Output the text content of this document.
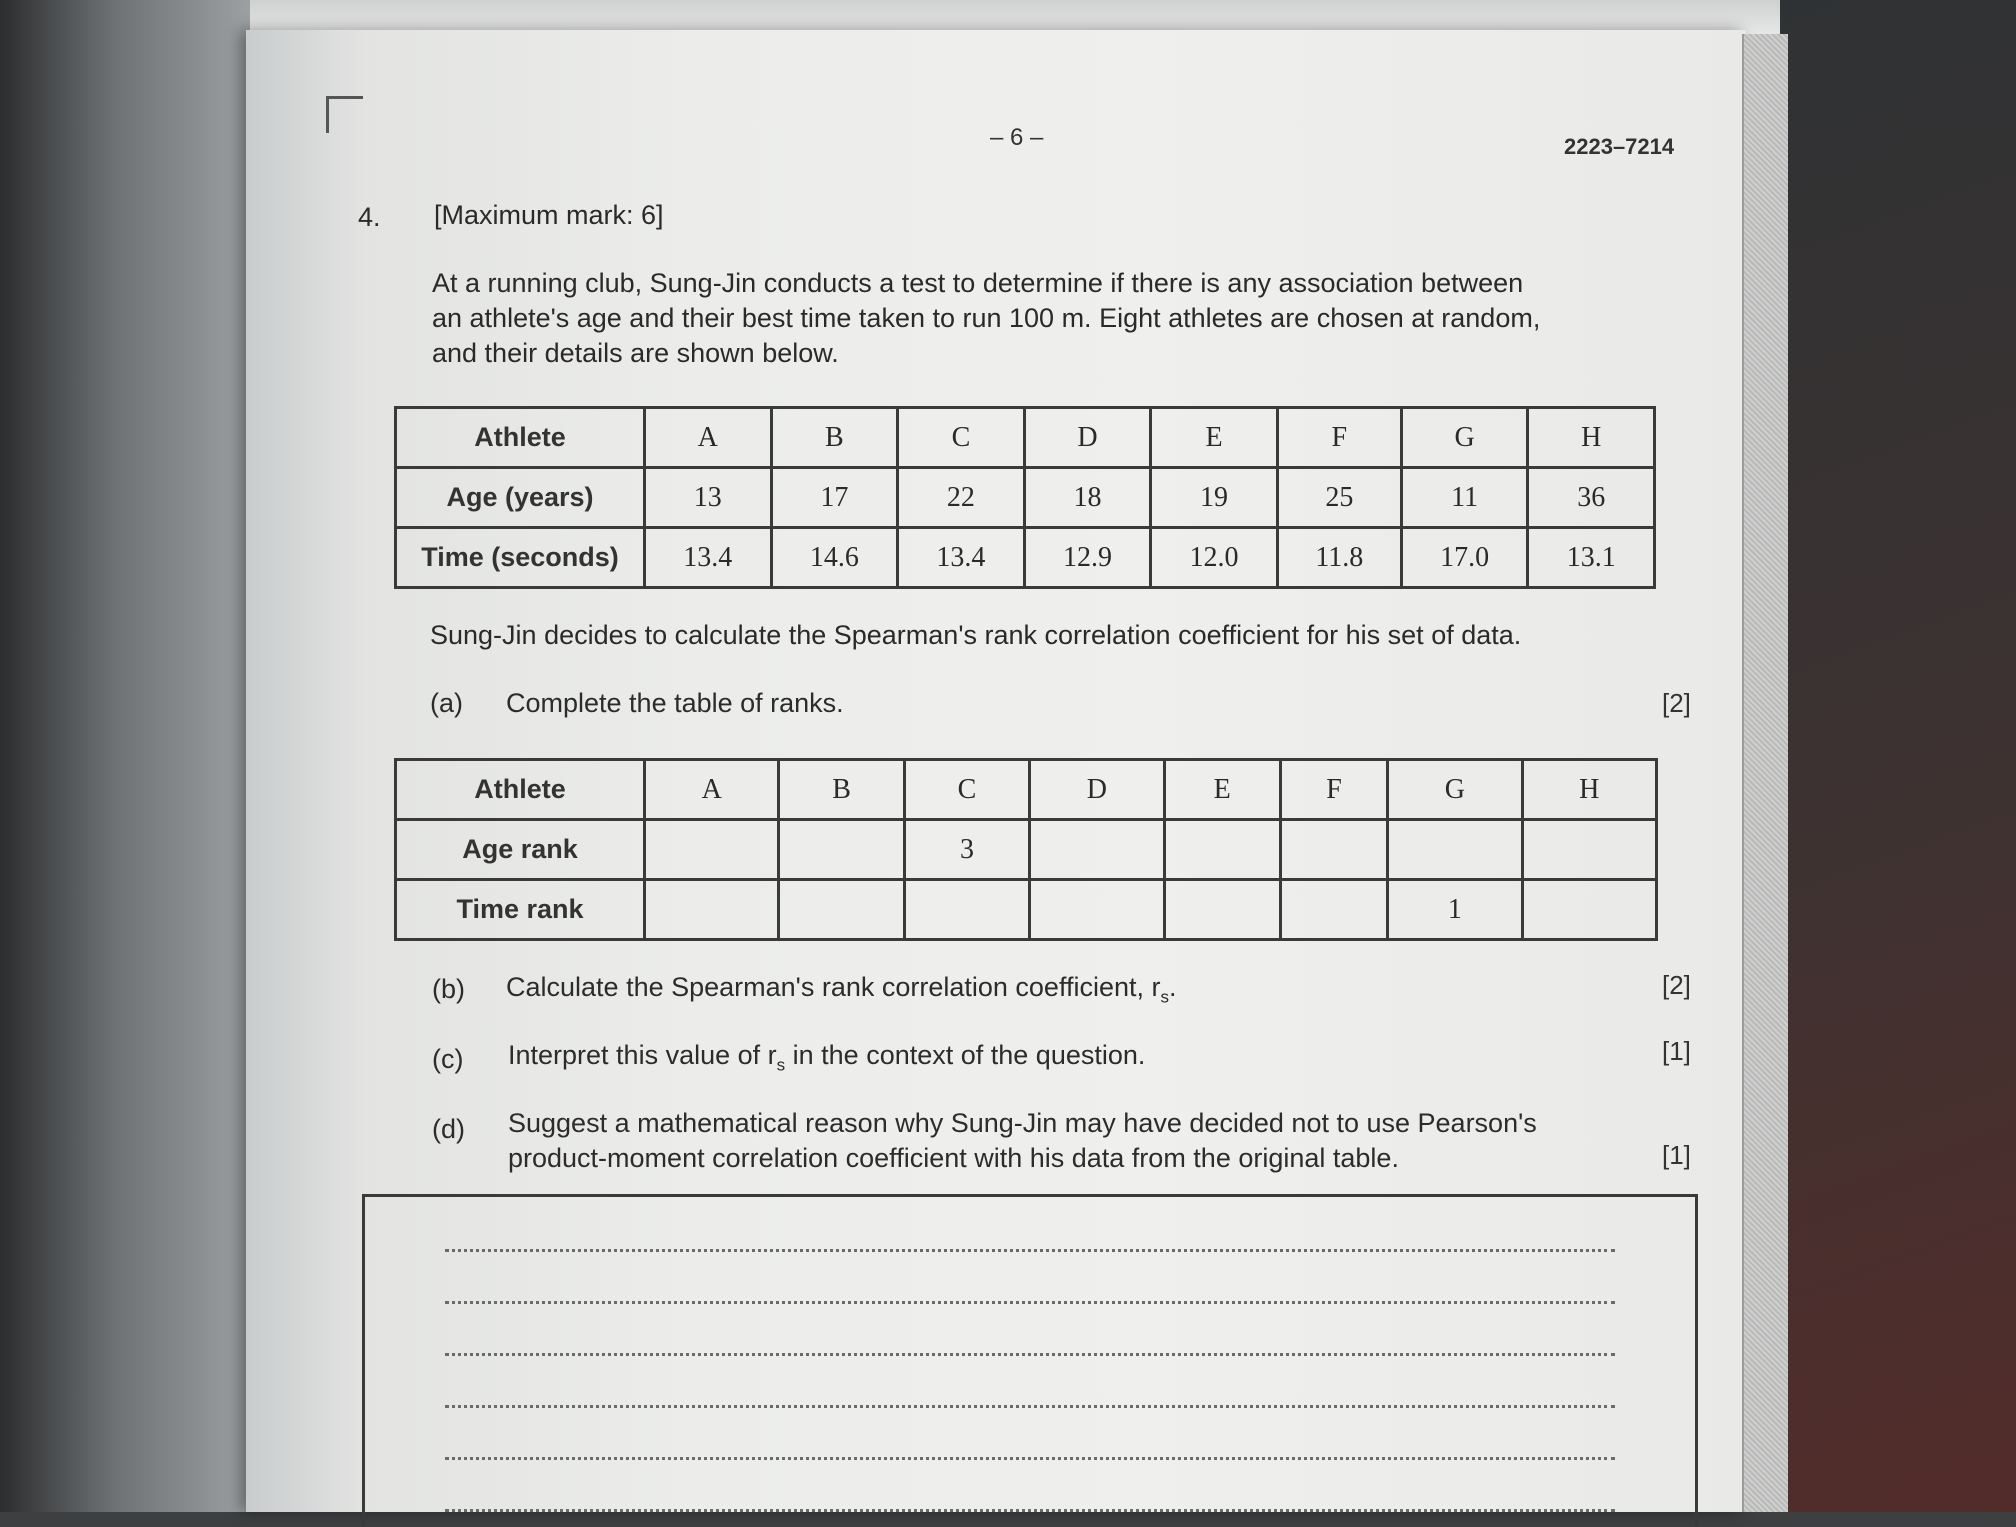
– 6 –	2223–7214
4. [Maximum mark: 6]
At a running club, Sung-Jin conducts a test to determine if there is any association between
an athlete's age and their best time taken to run 100 m. Eight athletes are chosen at random,
and their details are shown below.
Athlete	A	B	C	D	E	F	G	H
Age (years)	13	17	22	18	19	25	11	36
Time (seconds)	13.4	14.6	13.4	12.9	12.0	11.8	17.0	13.1
Sung-Jin decides to calculate the Spearman's rank correlation coefficient for his set of data.
(a) Complete the table of ranks.	[2]
Athlete	A	B	C	D	E	F	G	H
Age rank			3					
Time rank							1	
(b) Calculate the Spearman's rank correlation coefficient, $r_s$.	[2]
(c) Interpret this value of $r_s$ in the context of the question.	[1]
(d) Suggest a mathematical reason why Sung-Jin may have decided not to use Pearson's
product-moment correlation coefficient with his data from the original table.	[1]
